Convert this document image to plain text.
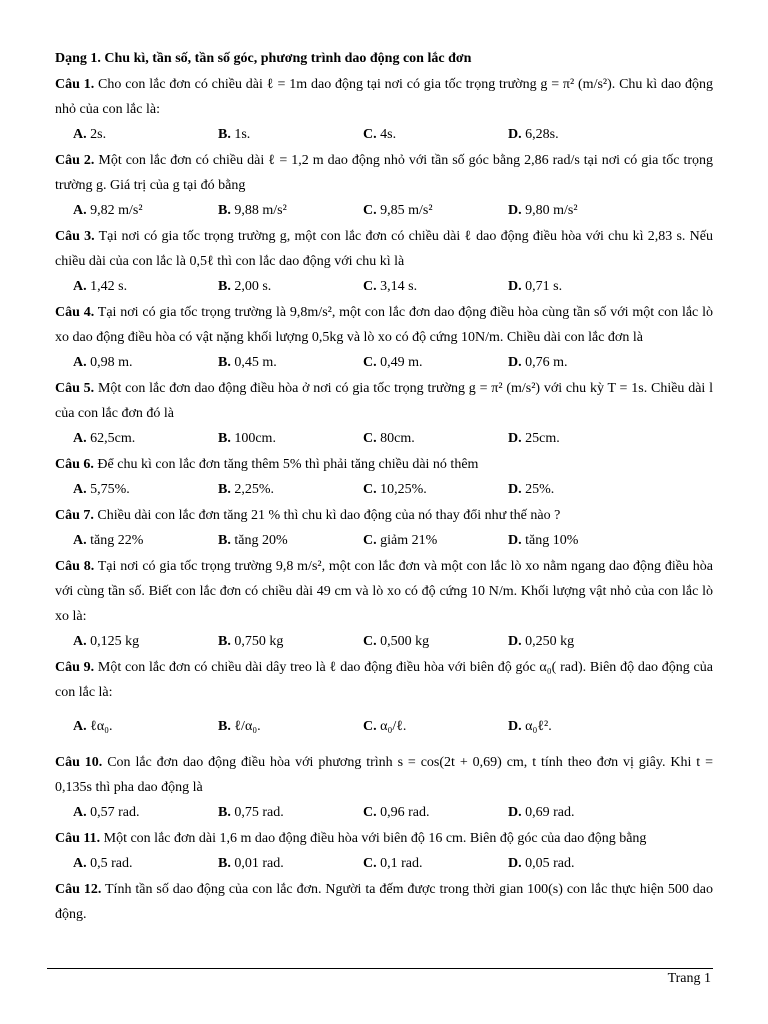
Dạng 1. Chu kì, tần số, tần số góc, phương trình dao động con lắc đơn
Câu 1. Cho con lắc đơn có chiều dài ℓ = 1m dao động tại nơi có gia tốc trọng trường g = π² (m/s²). Chu kì dao động nhỏ của con lắc là:
A. 2s.	B. 1s.	C. 4s.	D. 6,28s.
Câu 2. Một con lắc đơn có chiều dài ℓ = 1,2 m dao động nhỏ với tần số góc bằng 2,86 rad/s tại nơi có gia tốc trọng trường g. Giá trị của g tại đó bằng
A. 9,82 m/s²	B. 9,88 m/s²	C. 9,85 m/s²	D. 9,80 m/s²
Câu 3. Tại nơi có gia tốc trọng trường g, một con lắc đơn có chiều dài ℓ dao động điều hòa với chu kì 2,83 s. Nếu chiều dài của con lắc là 0,5ℓ thì con lắc dao động với chu kì là
A. 1,42 s.	B. 2,00 s.	C. 3,14 s.	D. 0,71 s.
Câu 4. Tại nơi có gia tốc trọng trường là 9,8m/s², một con lắc đơn dao động điều hòa cùng tần số với một con lắc lò xo dao động điều hòa có vật nặng khối lượng 0,5kg và lò xo có độ cứng 10N/m. Chiều dài con lắc đơn là
A. 0,98 m.	B. 0,45 m.	C. 0,49 m.	D. 0,76 m.
Câu 5. Một con lắc đơn dao động điều hòa ở nơi có gia tốc trọng trường g = π² (m/s²) với chu kỳ T = 1s. Chiều dài l của con lắc đơn đó là
A. 62,5cm.	B. 100cm.	C. 80cm.	D. 25cm.
Câu 6. Để chu kì con lắc đơn tăng thêm 5% thì phải tăng chiều dài nó thêm
A. 5,75%.	B. 2,25%.	C. 10,25%.	D. 25%.
Câu 7. Chiều dài con lắc đơn tăng 21 % thì chu kì dao động của nó thay đổi như thế nào ?
A. tăng 22%	B. tăng 20%	C. giảm 21%	D. tăng 10%
Câu 8. Tại nơi có gia tốc trọng trường 9,8 m/s², một con lắc đơn và một con lắc lò xo nằm ngang dao động điều hòa với cùng tần số. Biết con lắc đơn có chiều dài 49 cm và lò xo có độ cứng 10 N/m. Khối lượng vật nhỏ của con lắc lò xo là:
A. 0,125 kg	B. 0,750 kg	C. 0,500 kg	D. 0,250 kg
Câu 9. Một con lắc đơn có chiều dài dây treo là ℓ dao động điều hòa với biên độ góc α₀( rad). Biên độ dao động của con lắc là:
A. ℓα₀.	B. ℓ/α₀.	C. α₀/ℓ.	D. α₀ℓ².
Câu 10. Con lắc đơn dao động điều hòa với phương trình s = cos(2t + 0,69) cm, t tính theo đơn vị giây. Khi t = 0,135s thì pha dao động là
A. 0,57 rad.	B. 0,75 rad.	C. 0,96 rad.	D. 0,69 rad.
Câu 11. Một con lắc đơn dài 1,6 m dao động điều hòa với biên độ 16 cm. Biên độ góc của dao động bằng
A. 0,5 rad.	B. 0,01 rad.	C. 0,1 rad.	D. 0,05 rad.
Câu 12. Tính tần số dao động của con lắc đơn. Người ta đếm được trong thời gian 100(s) con lắc thực hiện 500 dao động.
Trang 1
